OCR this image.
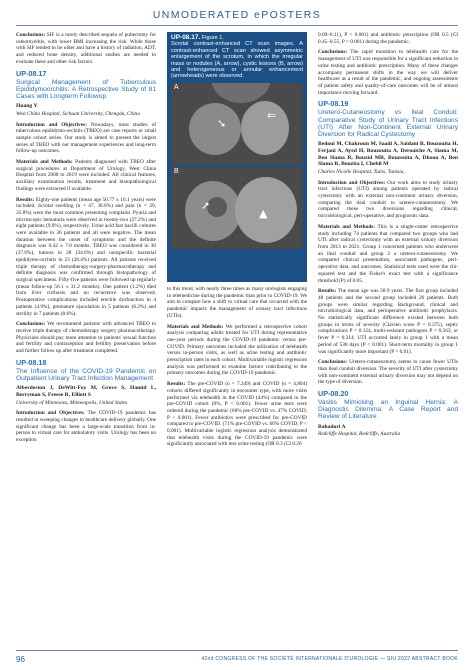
UNMODERATED ePOSTERS

Conclusions: SIF is a rarely described sequela of pubectomy for osteomyelitis, with lower BMI increasing the risk. While those with SIF tended to be older and have a history of radiation, ADT, and reduced bone density, additional studies are needed to evaluate these and other risk factors.

UP-08.17
Surgical Management of Tuberculous Epididymoorchitis: A Retrospective Study of 81 Cases with Longterm Followup
Huang Y
West China Hospital, Sichuan University, Chengdu, China

Introduction and Objectives: Nowadays, most studies of tuberculous epididymo-orchitis (TBEO) are case reports or small sample cohort series. Our study is aimed to present the largest series of TBEO with our management experiences and long-term follow-up outcomes.

Materials and Methods: Patients diagnosed with TBEO after surgical procedures at Department of Urology, West China Hospital from 2008 to 2019 were included. All clinical features, auxiliary examination results, treatment and histopathological findings were extracted if available.

Results: Eighty-one patients (mean age 50.77 ± 16.1 years) were included. Scrotal swelling (n = 47, 38.0%) and pain (n = 29, 35.8%) were the most common presenting complaint. Pyuria and microscopic hematuria were observed in twenty-two (27.2%) and eight patients (9.9%), respectively. Urine acid fast bacilli cultures were available in 36 patients and all were negative. The mean duration between the onset of symptoms and the definite diagnosis was 6.42 ± 7.0 months. TBEO was considered in 30 (37.0%), tumors in 28 (34.6%) and nonspecific bacterial epididymo-orchitis in 23 (28.4%) patients. All patients received triple therapy of chemotherapy-surgery-pharmacotherapy and definite diagnosis was confirmed through histopathology of surgical specimens. Fifty-five patients were followed up regularly (mean follow-up 56.1 ± 31.2 months). One patient (1.2%) died from liver cirrhosis and no recurrence was observed. Postoperative complications included erectile dysfunction in 4 patients (4.9%), premature ejaculation in 5 patients (6.2%) and sterility in 7 patients (8.6%).

Conclusions: We recommend patients with advanced TBEO to receive triple therapy of chemotherapy surgery pharmacotherapy. Physicians should pay more attention to patients' sexual function and fertility and contraception and fertility preservation before and further follow up after treatment completed.

UP-08.18
The Influence of the COVID-19 Pandemic on Outpatient Urinary Tract Infection Management
Alberdeston J, DeWitt-Foy M, Grove S, Hamid L, Berryman S, Freese R, Elliott S
University of Minnesota, Minneapolis, United States

Introduction and Objectives: The COVID-19 pandemic has resulted in sweeping changes to healthcare delivery globally. One significant change has been a large-scale transition from in-person to virtual care for ambulatory visits. Urology has been no exception

UP-08.17. Figure 1.
Scrotal contrast-enhanced CT scan images. A contrast-enhanced CT scan showed asymmetric enlargement of the scrotum, in which the irregular mass or nodules (A, arrow), cystic lesions (B, arrow) and heterogeneous or annular enhancement (arrowheads) were observed.
A
➘
⇐
B
➚
▲

to this trend, with nearly three times as many urologists engaging in telemedicine during the pandemic than prior to COVID-19. We aim to compare how a shift to virtual care that occurred with the pandemic impacts the management of urinary tract infections (UTIs).

Materials and Methods: We performed a retrospective cohort analysis comparing adults treated for UTI during representative one-year periods during the COVID-19 pandemic versus pre-COVID. Primary outcomes included the utilization of telehealth versus in-person visits, as well as urine testing and antibiotic prescription rates in each cohort. Multivariable logistic regression analysis was performed to examine factors contributing to the primary outcomes during the COVID-19 pandemic.

Results: The pre-COVID (n = 7,349) and COVID (n = 4,804) cohorts differed significantly in encounter type, with more visits performed via telehealth in the COVID (44%) compared to the pre-COVID cohort (0%, P < 0.001). Fewer urine tests were ordered during the pandemic (68% pre-COVID vs. 47% COVID; P < 0.001). Fewer antibiotics were prescribed for pre-COVID compared to pre-COVID. (71% pre-COVID vs. 66% COVID, P < 0.001). Multivariable logistic regression analysis demonstrated that telehealth visits during the COVID-19 pandemic were significantly associated with less urine testing (OR 0.3 (CI 0.26

0.09–0.11), P < 0.001) and antibiotic prescription (OR 0.5 (CI 0.45–0.55, P < 0.001) during the pandemic.

Conclusions: The rapid transition to telehealth care for the management of UTI was responsible for a significant reduction in urine testing and antibiotic prescription. Many of these changes accompany permanent shifts in the way we will deliver healthcare as a result of the pandemic, and ongoing assessments of patient safety and quality-of-care outcomes will be of utmost importance moving forward.

UP-08.19
Uretero-Cutaneostomy vs Ileal Conduit: Comparative Study of Urinary Tract Infections (UTI) After Non-Continent External Urinary Diversion for Radical Cystectomy
Bedoui M, Chakroun M, Saadi A, Saidani B, Bouzouita H, Ferjani A, Ayed H, Bouzouita A, Derouiche A, Slama M, Ben Slama R, Bouzid MR, Bouzouita A, Dhaou A, Ben Slama R, Bouzita I, Chebil M
Charles Nicolle Hospital, Tunis, Tunisia,

Introduction and Objectives: Our work aims to study urinary tract infections (UTI) among patients operated by radical cystectomy with an external non-continent urinary diversion, comparing the ileal conduit to uretero-cutaneostomy. We compared these two diversions regarding clinical, microbiological, peri-operative, and prognostic data.

Materials and Methods: This is a single-center retrospective study including 74 patients that compared two groups who had UTI after radical cystectomy with an external urinary diversion from 2013 to 2021. Group 1 concerned patients who underwent an ileal conduit and group 2 a uretero-cutaneostomy. We compared clinical presentation, associated pathogens, peri-operative data, and outcomes. Statistical tests used were the chi-squared test and the Fisher's exact test with a significance threshold (P) of 0.05.

Results: The mean age was 58.9 years. The first group included 48 patients and the second group included 26 patients. Both groups were similar regarding Background, clinical and microbiological data, and perioperative antibiotic prophylaxis. No statistically significant difference existed between both groups in terms of severity (Clavien score P = 0.375), septic complications P = 0.124, multi-resistant pathogens P = 0.563, or fever P = 0.314. UTI occurred lately in group 1 with a mean period of 538 days (P < 0.001). Short-term mortality in group 1 was significantly more important (P = 0.01).

Conclusions: Uretero-cutaneostomy seems to cause fewer UTIs than ileal conduit diversion. The severity of UTI after cystectomy with non-continent external urinary diversion may not depend on the type of diversion.

UP-08.20
Vasitis Mimicking an Inguinal Hernia: A Diagnostic Dilemma: A Case Report and Review of Literature
Bahadori A
Redcliffe Hospital, Redcliffe, Australia
96	42nd CONGRESS OF THE SOCIÉTÉ INTERNATIONALE D'UROLOGIE — SIU 2022 ABSTRACT BOOK
